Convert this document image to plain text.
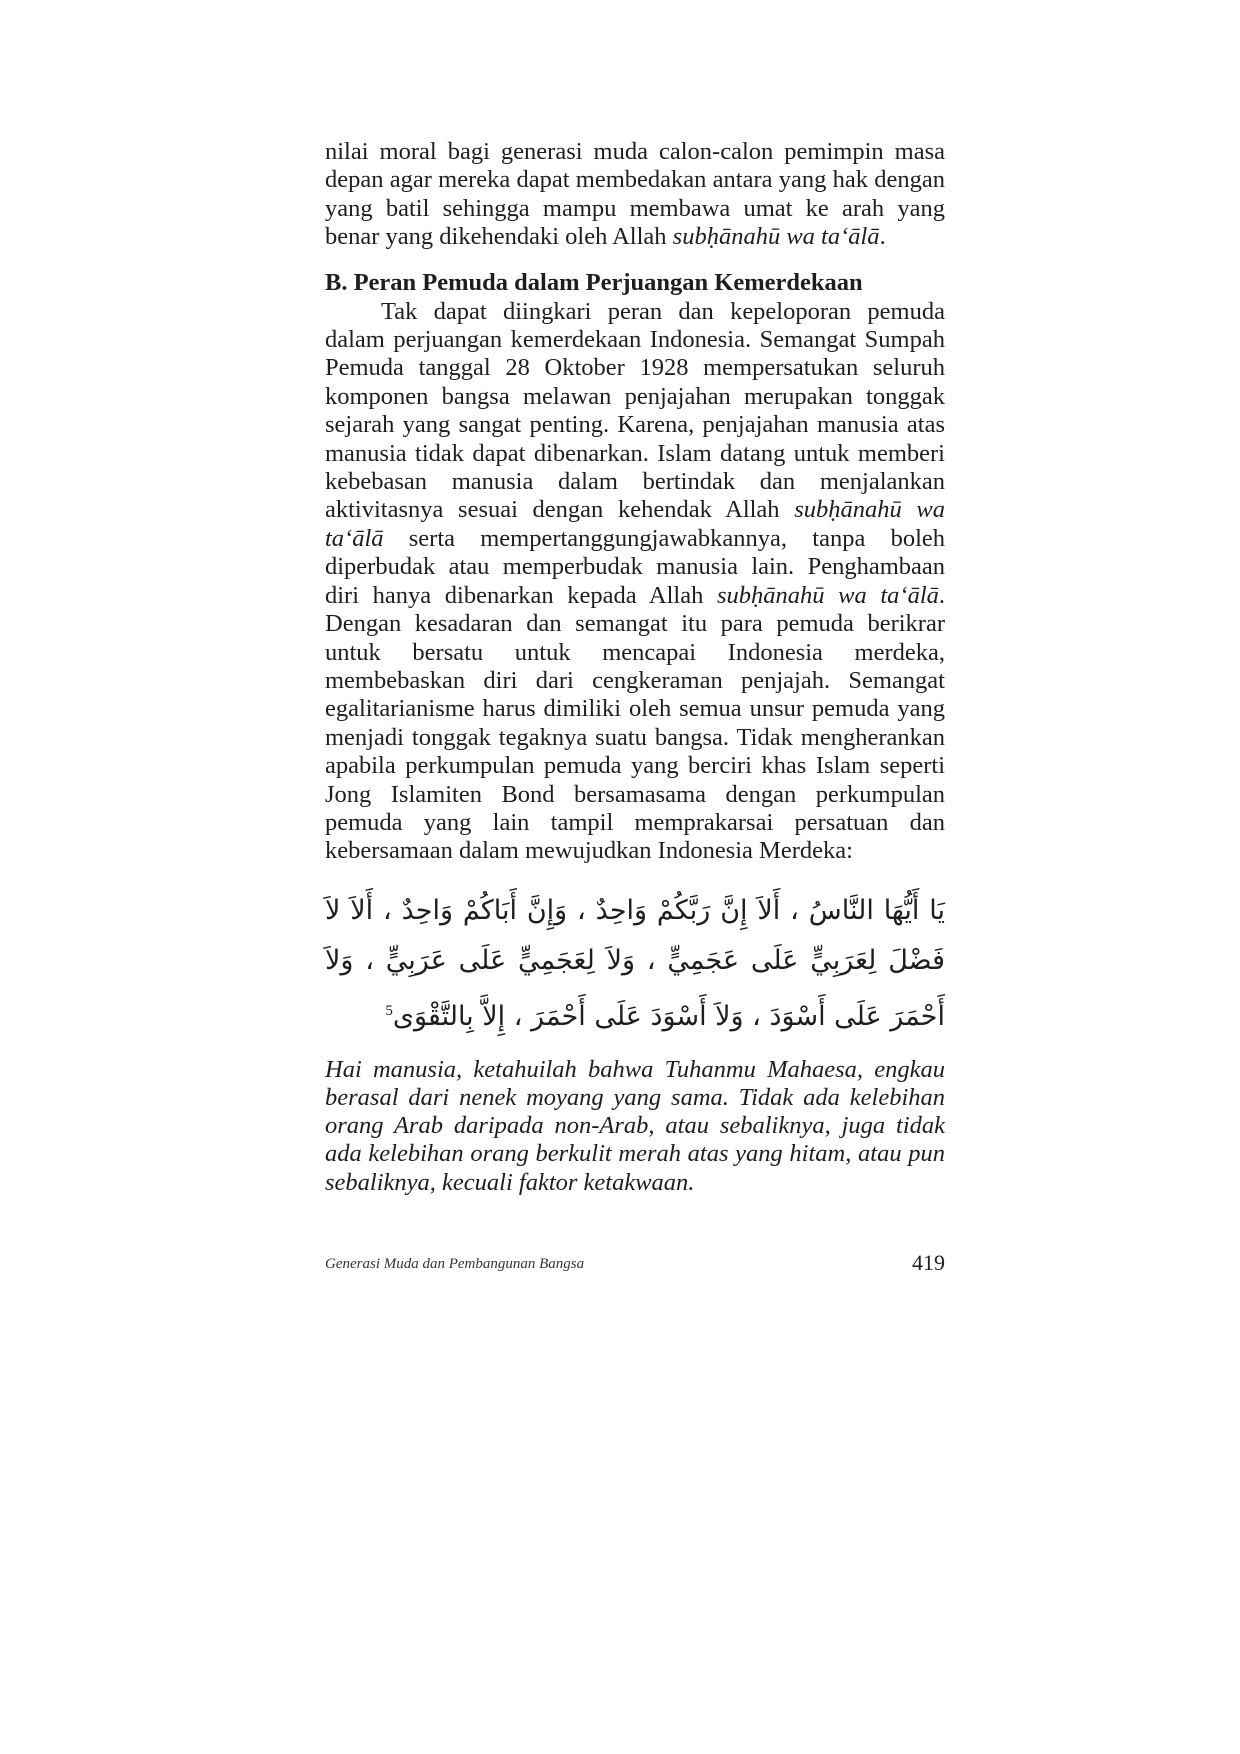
nilai moral bagi generasi muda calon-calon pemimpin masa depan agar mereka dapat membedakan antara yang hak dengan yang batil sehingga mampu membawa umat ke arah yang benar yang dikehendaki oleh Allah subḥānahū wa ta‘ālā.

B. Peran Pemuda dalam Perjuangan Kemerdekaan

Tak dapat diingkari peran dan kepeloporan pemuda dalam perjuangan kemerdekaan Indonesia. Semangat Sumpah Pemuda tanggal 28 Oktober 1928 mempersatukan seluruh komponen bangsa melawan penjajahan merupakan tonggak sejarah yang sangat penting. Karena, penjajahan manusia atas manusia tidak dapat dibenarkan. Islam datang untuk memberi kebebasan manusia dalam bertindak dan menjalankan aktivitasnya sesuai dengan kehendak Allah subḥānahū wa ta‘ālā serta mempertanggungjawabkannya, tanpa boleh diperbudak atau memperbudak manusia lain. Penghambaan diri hanya dibenarkan kepada Allah subḥānahū wa ta‘ālā. Dengan kesadaran dan semangat itu para pemuda berikrar untuk bersatu untuk mencapai Indonesia merdeka, membebaskan diri dari cengkeraman penjajah. Semangat egalitarianisme harus dimiliki oleh semua unsur pemuda yang menjadi tonggak tegaknya suatu bangsa. Tidak mengherankan apabila perkumpulan pemuda yang berciri khas Islam seperti Jong Islamiten Bond bersamasama dengan perkumpulan pemuda yang lain tampil memprakarsai persatuan dan kebersamaan dalam mewujudkan Indonesia Merdeka:

يَا أَيُّهَا النَّاسُ ، أَلاَ إِنَّ رَبَّكُمْ وَاحِدٌ ، وَإِنَّ أَبَاكُمْ وَاحِدٌ ، أَلاَ لاَ فَضْلَ لِعَرَبِيٍّ عَلَى عَجَمِيٍّ ، وَلاَ لِعَجَمِيٍّ عَلَى عَرَبِيٍّ ، وَلاَ أَحْمَرَ عَلَى أَسْوَدَ ، وَلاَ أَسْوَدَ عَلَى أَحْمَرَ ، إِلاَّ بِالتَّقْوَى$^5$

Hai manusia, ketahuilah bahwa Tuhanmu Mahaesa, engkau berasal dari nenek moyang yang sama. Tidak ada kelebihan orang Arab daripada non-Arab, atau sebaliknya, juga tidak ada kelebihan orang berkulit merah atas yang hitam, atau pun sebaliknya, kecuali faktor ketakwaan.

Generasi Muda dan Pembangunan Bangsa	419
